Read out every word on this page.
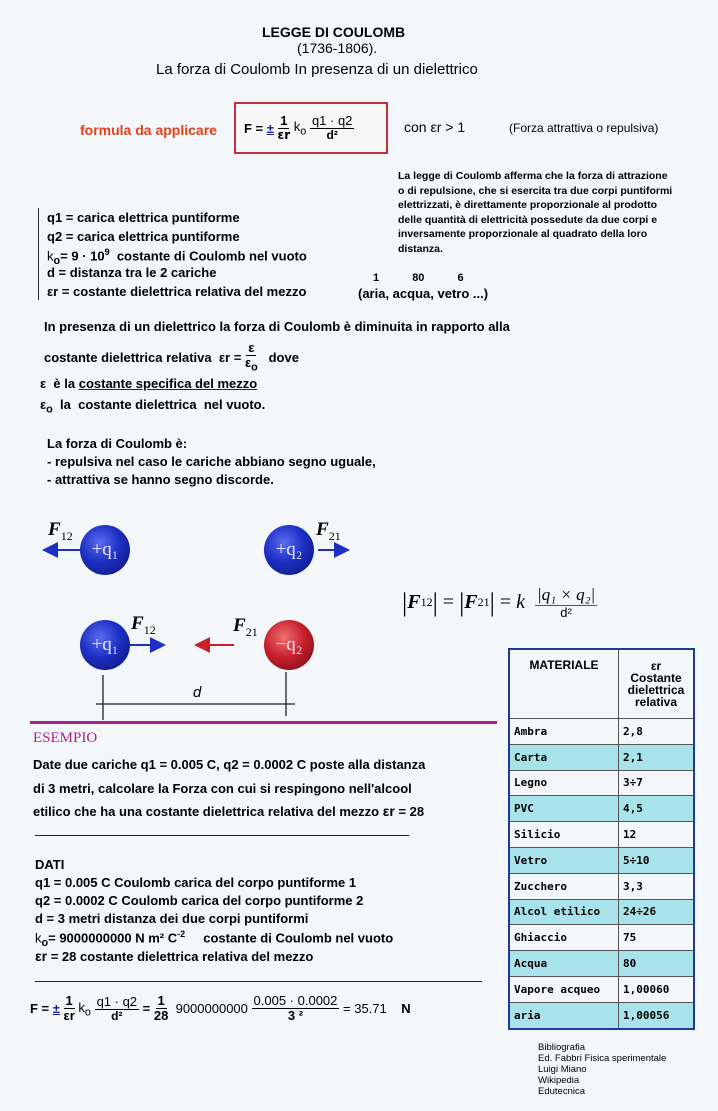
LEGGE DI COULOMB
(1736-1806).
La forza di Coulomb In presenza di un dielettrico
formula da applicare F =
±
$\frac{1}{\varepsilon r}$
$k_o$
$\frac{q1 \cdot q2}{\text{d²}}$	con εr > 1	(Forza attrattiva o repulsiva)
La legge di Coulomb afferma che la forza di attrazione
o di repulsione, che si esercita tra due corpi puntiformi
elettrizzati, è direttamente proporzionale al prodotto
delle quantità di elettricità possedute da due corpi e
inversamente proporzionale al quadrato della loro
distanza.
q1 = carica elettrica puntiforme
q2 = carica elettrica puntiforme
$k_o= 9 \cdot 10^9$ costante di Coulomb nel vuoto
d = distanza tra le 2 cariche
εr = costante dielettrica relativa del mezzo
1	80	6
(aria, acqua, vetro ...)
In presenza di un dielettrico la forza di Coulomb è diminuita in rapporto alla
costante dielettrica relativa
εr =
$\frac{\varepsilon}{\varepsilon_o}$
dove
ε è la costante specifica del mezzo
$\varepsilon_o$ la costante dielettrica nel vuoto.
La forza di Coulomb è:
- repulsiva nel caso le cariche abbiano segno uguale,
- attrattiva se hanno segno discorde.
+q₁	+q₂
+q₁	−q₂
$F_{12}$	$F_{21}$
$F_{12}$	$F_{21}$
d
| F 12 | = | F 21 | = k
$\frac{\text{|q₁ × q₂|}}{\text{d²}}$
MATERIALE	εr
Costante
dielettrica
relativa

Ambra	2,8
Carta	2,1
Legno	3÷7
PVC	4,5
Silicio	12
Vetro	5÷10
Zucchero	3,3
Alcol etilico	24÷26
Ghiaccio	75
Acqua	80
Vapore acqueo	1,00060
aria	1,00056
ESEMPIO
Date due cariche q1 = 0.005 C, q2 = 0.0002 C poste alla distanza
di 3 metri, calcolare la Forza con cui si respingono nell'alcool
etilico che ha una costante dielettrica relativa del mezzo εr = 28
DATI
q1 = 0.005 C Coulomb carica del corpo puntiforme 1
q2 = 0.0002 C Coulomb carica del corpo puntiforme 2
d = 3 metri distanza dei due corpi puntiformi
$k_o= 9000000000$ N m² $C^{-2}$ costante di Coulomb nel vuoto
εr = 28 costante dielettrica relativa del mezzo
F =
±
$\frac{1}{\varepsilon r}$
$k_o$
$\frac{q1 \cdot q2}{\text{d²}}$
=
$\frac{1}{28}$
9000000000
$\frac{0.005 \cdot 0.0002}{\text{3 ²}}$
= 35.71
N
Bibliografia
Ed. Fabbri Fisica sperimentale
Luigi Miano
Wikipedia
Edutecnica
